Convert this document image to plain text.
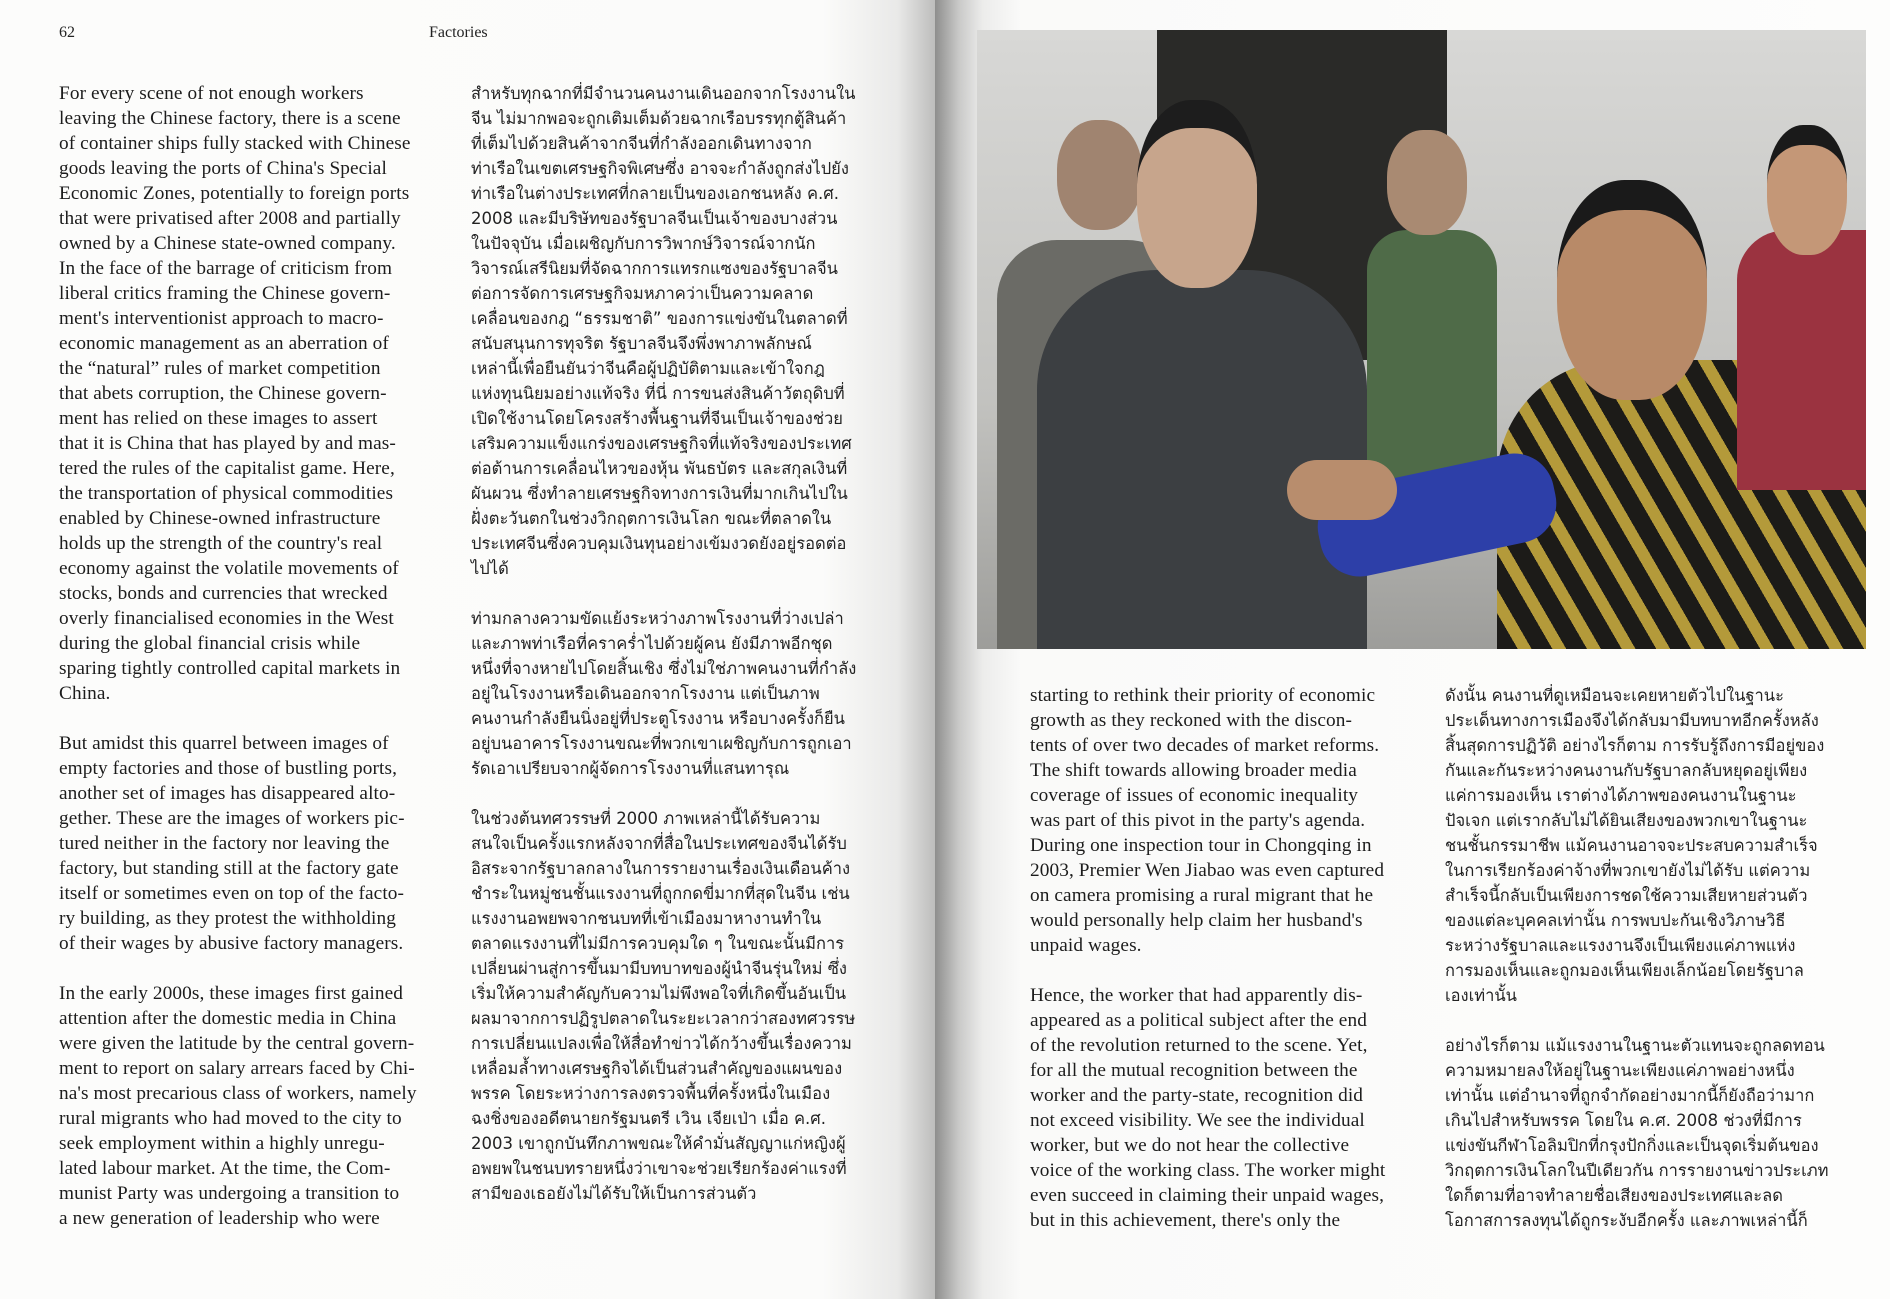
62	Factories
For every scene of not enough workers
leaving the Chinese factory, there is a scene
of container ships fully stacked with Chinese
goods leaving the ports of China's Special
Economic Zones, potentially to foreign ports
that were privatised after 2008 and partially
owned by a Chinese state-owned company.
In the face of the barrage of criticism from
liberal critics framing the Chinese govern-
ment's interventionist approach to macro-
economic management as an aberration of
the “natural” rules of market competition
that abets corruption, the Chinese govern-
ment has relied on these images to assert
that it is China that has played by and mas-
tered the rules of the capitalist game. Here,
the transportation of physical commodities
enabled by Chinese-owned infrastructure
holds up the strength of the country's real
economy against the volatile movements of
stocks, bonds and currencies that wrecked
overly financialised economies in the West
during the global financial crisis while
sparing tightly controlled capital markets in
China.
But amidst this quarrel between images of
empty factories and those of bustling ports,
another set of images has disappeared alto-
gether. These are the images of workers pic-
tured neither in the factory nor leaving the
factory, but standing still at the factory gate
itself or sometimes even on top of the facto-
ry building, as they protest the withholding
of their wages by abusive factory managers.
In the early 2000s, these images first gained
attention after the domestic media in China
were given the latitude by the central govern-
ment to report on salary arrears faced by Chi-
na's most precarious class of workers, namely
rural migrants who had moved to the city to
seek employment within a highly unregu-
lated labour market. At the time, the Com-
munist Party was undergoing a transition to
a new generation of leadership who were
สำหรับทุกฉากที่มีจำนวนคนงานเดินออกจากโรงงานใน
จีน ไม่มากพอจะถูกเติมเต็มด้วยฉากเรือบรรทุกตู้สินค้า
ที่เต็มไปด้วยสินค้าจากจีนที่กำลังออกเดินทางจาก
ท่าเรือในเขตเศรษฐกิจพิเศษซึ่ง อาจจะกำลังถูกส่งไปยัง
ท่าเรือในต่างประเทศที่กลายเป็นของเอกชนหลัง ค.ศ.
2008 และมีบริษัทของรัฐบาลจีนเป็นเจ้าของบางส่วน
ในปัจจุบัน เมื่อเผชิญกับการวิพากษ์วิจารณ์จากนัก
วิจารณ์เสรีนิยมที่จัดฉากการแทรกแซงของรัฐบาลจีน
ต่อการจัดการเศรษฐกิจมหภาคว่าเป็นความคลาด
เคลื่อนของกฎ “ธรรมชาติ” ของการแข่งขันในตลาดที่
สนับสนุนการทุจริต รัฐบาลจีนจึงพึ่งพาภาพลักษณ์
เหล่านี้เพื่อยืนยันว่าจีนคือผู้ปฏิบัติตามและเข้าใจกฎ
แห่งทุนนิยมอย่างแท้จริง ที่นี่ การขนส่งสินค้าวัตถุดิบที่
เปิดใช้งานโดยโครงสร้างพื้นฐานที่จีนเป็นเจ้าของช่วย
เสริมความแข็งแกร่งของเศรษฐกิจที่แท้จริงของประเทศ
ต่อต้านการเคลื่อนไหวของหุ้น พันธบัตร และสกุลเงินที่
ผันผวน ซึ่งทำลายเศรษฐกิจทางการเงินที่มากเกินไปใน
ฝั่งตะวันตกในช่วงวิกฤตการเงินโลก ขณะที่ตลาดใน
ประเทศจีนซึ่งควบคุมเงินทุนอย่างเข้มงวดยังอยู่รอดต่อ
ไปได้
ท่ามกลางความขัดแย้งระหว่างภาพโรงงานที่ว่างเปล่า
และภาพท่าเรือที่คราคร่ำไปด้วยผู้คน ยังมีภาพอีกชุด
หนึ่งที่จางหายไปโดยสิ้นเชิง ซึ่งไม่ใช่ภาพคนงานที่กำลัง
อยู่ในโรงงานหรือเดินออกจากโรงงาน แต่เป็นภาพ
คนงานกำลังยืนนิ่งอยู่ที่ประตูโรงงาน หรือบางครั้งก็ยืน
อยู่บนอาคารโรงงานขณะที่พวกเขาเผชิญกับการถูกเอา
รัดเอาเปรียบจากผู้จัดการโรงงานที่แสนทารุณ
ในช่วงต้นทศวรรษที่ 2000 ภาพเหล่านี้ได้รับความ
สนใจเป็นครั้งแรกหลังจากที่สื่อในประเทศของจีนได้รับ
อิสระจากรัฐบาลกลางในการรายงานเรื่องเงินเดือนค้าง
ชำระในหมู่ชนชั้นแรงงานที่ถูกกดขี่มากที่สุดในจีน เช่น
แรงงานอพยพจากชนบทที่เข้าเมืองมาหางานทำใน
ตลาดแรงงานที่ไม่มีการควบคุมใด ๆ ในขณะนั้นมีการ
เปลี่ยนผ่านสู่การขึ้นมามีบทบาทของผู้นำจีนรุ่นใหม่ ซึ่ง
เริ่มให้ความสำคัญกับความไม่พึงพอใจที่เกิดขึ้นอันเป็น
ผลมาจากการปฏิรูปตลาดในระยะเวลากว่าสองทศวรรษ
การเปลี่ยนแปลงเพื่อให้สื่อทำข่าวได้กว้างขึ้นเรื่องความ
เหลื่อมล้ำทางเศรษฐกิจได้เป็นส่วนสำคัญของแผนของ
พรรค โดยระหว่างการลงตรวจพื้นที่ครั้งหนึ่งในเมือง
ฉงชิ่งของอดีตนายกรัฐมนตรี เวิน เจียเป่า เมื่อ ค.ศ.
2003 เขาถูกบันทึกภาพขณะให้คำมั่นสัญญาแก่หญิงผู้
อพยพในชนบทรายหนึ่งว่าเขาจะช่วยเรียกร้องค่าแรงที่
สามีของเธอยังไม่ได้รับให้เป็นการส่วนตัว
starting to rethink their priority of economic
growth as they reckoned with the discon-
tents of over two decades of market reforms.
The shift towards allowing broader media
coverage of issues of economic inequality
was part of this pivot in the party's agenda.
During one inspection tour in Chongqing in
2003, Premier Wen Jiabao was even captured
on camera promising a rural migrant that he
would personally help claim her husband's
unpaid wages.
Hence, the worker that had apparently dis-
appeared as a political subject after the end
of the revolution returned to the scene. Yet,
for all the mutual recognition between the
worker and the party-state, recognition did
not exceed visibility. We see the individual
worker, but we do not hear the collective
voice of the working class. The worker might
even succeed in claiming their unpaid wages,
but in this achievement, there's only the
ดังนั้น คนงานที่ดูเหมือนจะเคยหายตัวไปในฐานะ
ประเด็นทางการเมืองจึงได้กลับมามีบทบาทอีกครั้งหลัง
สิ้นสุดการปฏิวัติ อย่างไรก็ตาม การรับรู้ถึงการมีอยู่ของ
กันและกันระหว่างคนงานกับรัฐบาลกลับหยุดอยู่เพียง
แค่การมองเห็น เราต่างได้ภาพของคนงานในฐานะ
ปัจเจก แต่เรากลับไม่ได้ยินเสียงของพวกเขาในฐานะ
ชนชั้นกรรมาชีพ แม้คนงานอาจจะประสบความสำเร็จ
ในการเรียกร้องค่าจ้างที่พวกเขายังไม่ได้รับ แต่ความ
สำเร็จนี้กลับเป็นเพียงการชดใช้ความเสียหายส่วนตัว
ของแต่ละบุคคลเท่านั้น การพบปะกันเชิงวิภาษวิธี
ระหว่างรัฐบาลและแรงงานจึงเป็นเพียงแค่ภาพแห่ง
การมองเห็นและถูกมองเห็นเพียงเล็กน้อยโดยรัฐบาล
เองเท่านั้น
อย่างไรก็ตาม แม้แรงงานในฐานะตัวแทนจะถูกลดทอน
ความหมายลงให้อยู่ในฐานะเพียงแค่ภาพอย่างหนึ่ง
เท่านั้น แต่อำนาจที่ถูกจำกัดอย่างมากนี้ก็ยังถือว่ามาก
เกินไปสำหรับพรรค โดยใน ค.ศ. 2008 ช่วงที่มีการ
แข่งขันกีฬาโอลิมปิกที่กรุงปักกิ่งและเป็นจุดเริ่มต้นของ
วิกฤตการเงินโลกในปีเดียวกัน การรายงานข่าวประเภท
ใดก็ตามที่อาจทำลายชื่อเสียงของประเทศและลด
โอกาสการลงทุนได้ถูกระงับอีกครั้ง และภาพเหล่านี้ก็
